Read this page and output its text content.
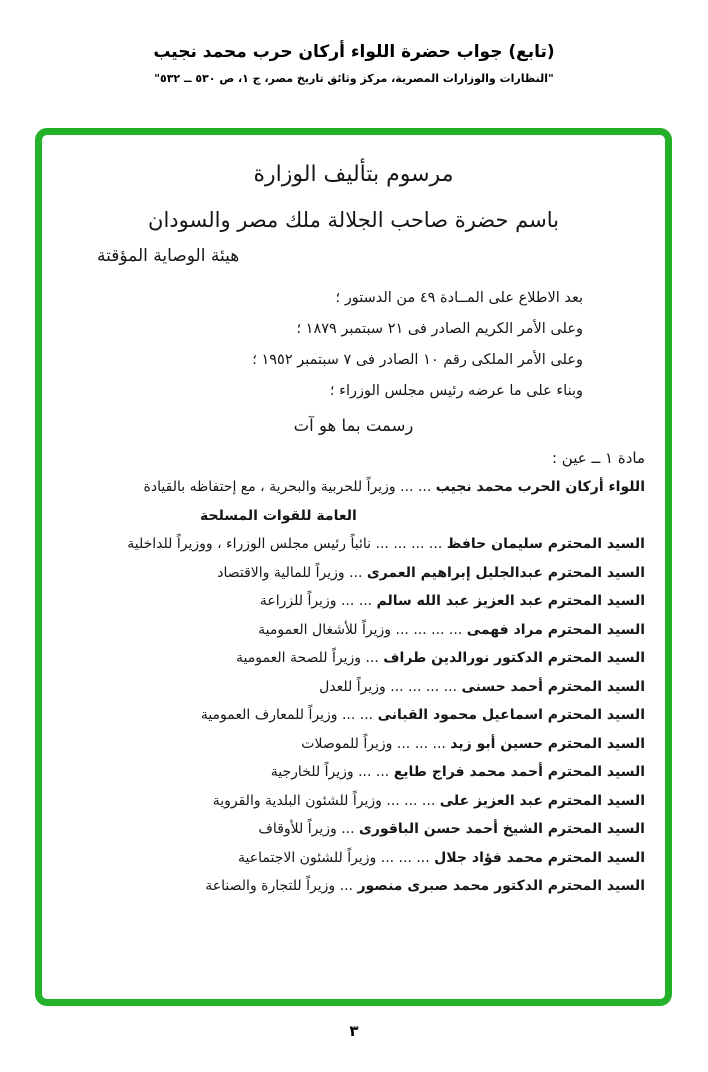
(تابع) جواب حضرة اللواء أركان حرب محمد نجيب
"النظارات والوزارات المصرية، مركز وثائق تاريخ مصر، ج ١، ص ٥٣٠ ــ ٥٣٢"
مرسوم بتأليف الوزارة
باسم حضرة صاحب الجلالة ملك مصر والسودان
هيئة الوصاية المؤقتة
بعد الاطلاع على المــادة ٤٩ من الدستور ؛
وعلى الأمر الكريم الصادر فى ٢١ سبتمبر ١٨٧٩ ؛
وعلى الأمر الملكى رقم ١٠ الصادر فى ٧ سبتمبر ١٩٥٢ ؛
وبناء على ما عرضه رئيس مجلس الوزراء ؛
رسمت بما هو آت
مادة ١ ــ عين :
اللواء أركان الحرب محمد نجيب ... ... وزيراً للحربية والبحرية ، مع إحتفاظه بالقيادة
العامة للقوات المسلحة
السيد المحترم سليمان حافظ ... ... ... ... نائباً رئيس مجلس الوزراء ، ووزيراً للداخلية
السيد المحترم عبدالجليل إبراهيم العمرى ... وزيراً للمالية والاقتصاد
السيد المحترم عبد العزيز عبد الله سالم ... ... وزيراً للزراعة
السيد المحترم مراد فهمى ... ... ... ... وزيراً للأشغال العمومية
السيد المحترم الدكتور نورالدين طراف ... وزيراً للصحة العمومية
السيد المحترم أحمد حسنى ... ... ... ... وزيراً للعدل
السيد المحترم اسماعيل محمود القبانى ... ... وزيراً للمعارف العمومية
السيد المحترم حسين أبو زيد ... ... ... وزيراً للموصلات
السيد المحترم أحمد محمد فراج طايع ... ... وزيراً للخارجية
السيد المحترم عبد العزيز على ... ... ... وزيراً للشئون البلدية والقروية
السيد المحترم الشيخ أحمد حسن الباقورى ... وزيراً للأوقاف
السيد المحترم محمد فؤاد جلال ... ... ... وزيراً للشئون الاجتماعية
السيد المحترم الدكتور محمد صبرى منصور ... وزيراً للتجارة والصناعة
٣
